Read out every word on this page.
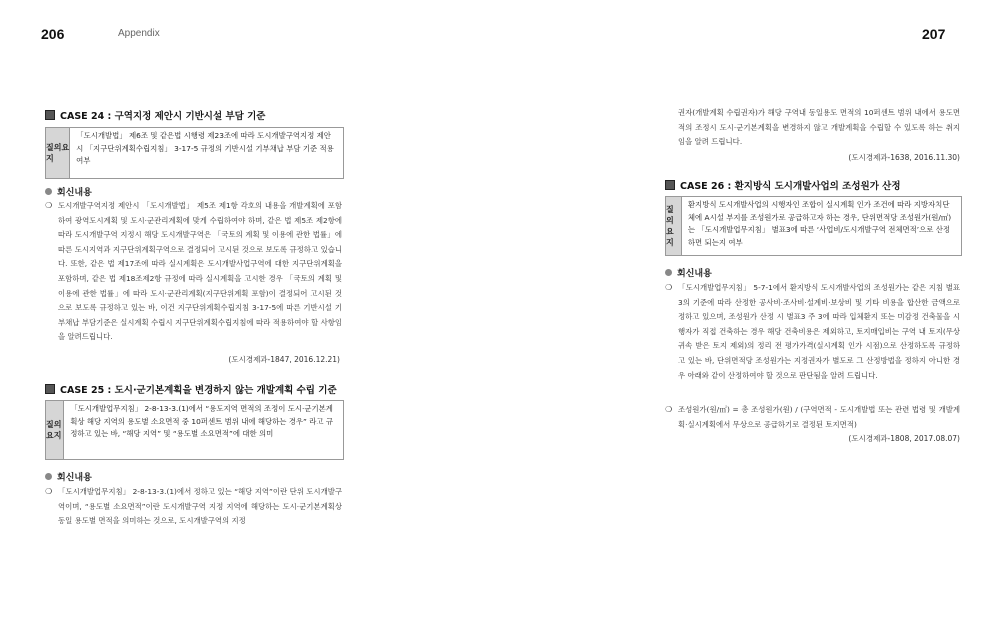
206	Appendix	207
CASE 24 : 구역지정 제안시 기반시설 부담 기준
질의요지
「도시개발법」 제6조 및 같은법 시행령 제23조에 따라 도시개발구역지정 제안시 「지구단위계획수립지침」 3-17-5 규정의 기반시설 기부채납 부담 기준 적용 여부
회신내용
❍ 도시개발구역지정 제안시 「도시개발법」 제5조 제1항 각호의 내용을 개발계획에 포함하여 광역도시계획 및 도시·군관리계획에 맞게 수립하여야 하며, 같은 법 제5조 제2항에 따라 도시개발구역 지정시 해당 도시개발구역은 「국토의 계획 및 이용에 관한 법률」에 따른 도시지역과 지구단위계획구역으로 결정되어 고시된 것으로 보도록 규정하고 있습니다. 또한, 같은 법 제17조에 따라 실시계획은 도시개발사업구역에 대한 지구단위계획을 포함하며, 같은 법 제18조제2항 규정에 따라 실시계획을 고시한 경우 「국토의 계획 및 이용에 관한 법률」에 따라 도시·군관리계획(지구단위계획 포함)이 결정되어 고시된 것으로 보도록 규정하고 있는 바, 이건 지구단위계획수립지침 3-17-5에 따른 기반시설 기부채납 부담기준은 실시계획 수립시 지구단위계획수립지침에 따라 적용하여야 할 사항임을 알려드립니다.
(도시경제과-1847, 2016.12.21)
CASE 25 : 도시·군기본계획을 변경하지 않는 개발계획 수립 기준
질의요지
「도시개발업무지침」 2-8-13-3.(1)에서 “용도지역 면적의 조정이 도시·군기본계획상 해당 지역의 용도별 소요면적 중 10퍼센트 범위 내에 해당하는 경우” 라고 규정하고 있는 바, “해당 지역” 및 “용도별 소요면적”에 대한 의미
회신내용
❍ 「도시개발업무지침」 2-8-13-3.(1)에서 정하고 있는 “해당 지역”이란 단위 도시개발구역이며, “용도별 소요면적”이란 도시개발구역 지정 지역에 해당하는 도시·군기본계획상 동일 용도별 면적을 의미하는 것으로, 도시개발구역의 지정
권자(개발계획 수립권자)가 해당 구역내 동일용도 면적의 10퍼센트 범위 내에서 용도면적의 조정시 도시·군기본계획을 변경하지 않고 개발계획을 수립할 수 있도록 하는 취지임을 알려 드립니다.
(도시경제과-1638, 2016.11.30)
CASE 26 : 환지방식 도시개발사업의 조성원가 산정
질의요지
환지방식 도시개발사업의 시행자인 조합이 실시계획 인가 조건에 따라 지방자치단체에 A시설 부지를 조성원가로 공급하고자 하는 경우, 단위면적당 조성원가(원/㎡)는 「도시개발업무지침」 별표3에 따른 ‘사업비/도시개발구역 전체면적’으로 산정하면 되는지 여부
회신내용
❍ 「도시개발업무지침」 5-7-1에서 환지방식 도시개발사업의 조성원가는 같은 지침 별표3의 기준에 따라 산정한 공사비·조사비·설계비·보상비 및 기타 비용을 합산한 금액으로 정하고 있으며, 조성원가 산정 시 별표3 주 3에 따라 입체환지 또는 미감정 건축물을 시행자가 직접 건축하는 경우 해당 건축비용은 제외하고, 토지매입비는 구역 내 토지(무상귀속 받은 토지 제외)의 정리 전 평가가격(실시계획 인가 시점)으로 산정하도록 규정하고 있는 바, 단위면적당 조성원가는 지정권자가 별도로 그 산정방법을 정하지 아니한 경우 아래와 같이 산정하여야 할 것으로 판단됨을 알려 드립니다.
❍ 조성원가(원/㎡) = 총 조성원가(원) / (구역면적 - 도시개발법 또는 관련 법령 및 개발계획·실시계획에서 무상으로 공급하기로 결정된 토지면적)
(도시경제과-1808, 2017.08.07)
